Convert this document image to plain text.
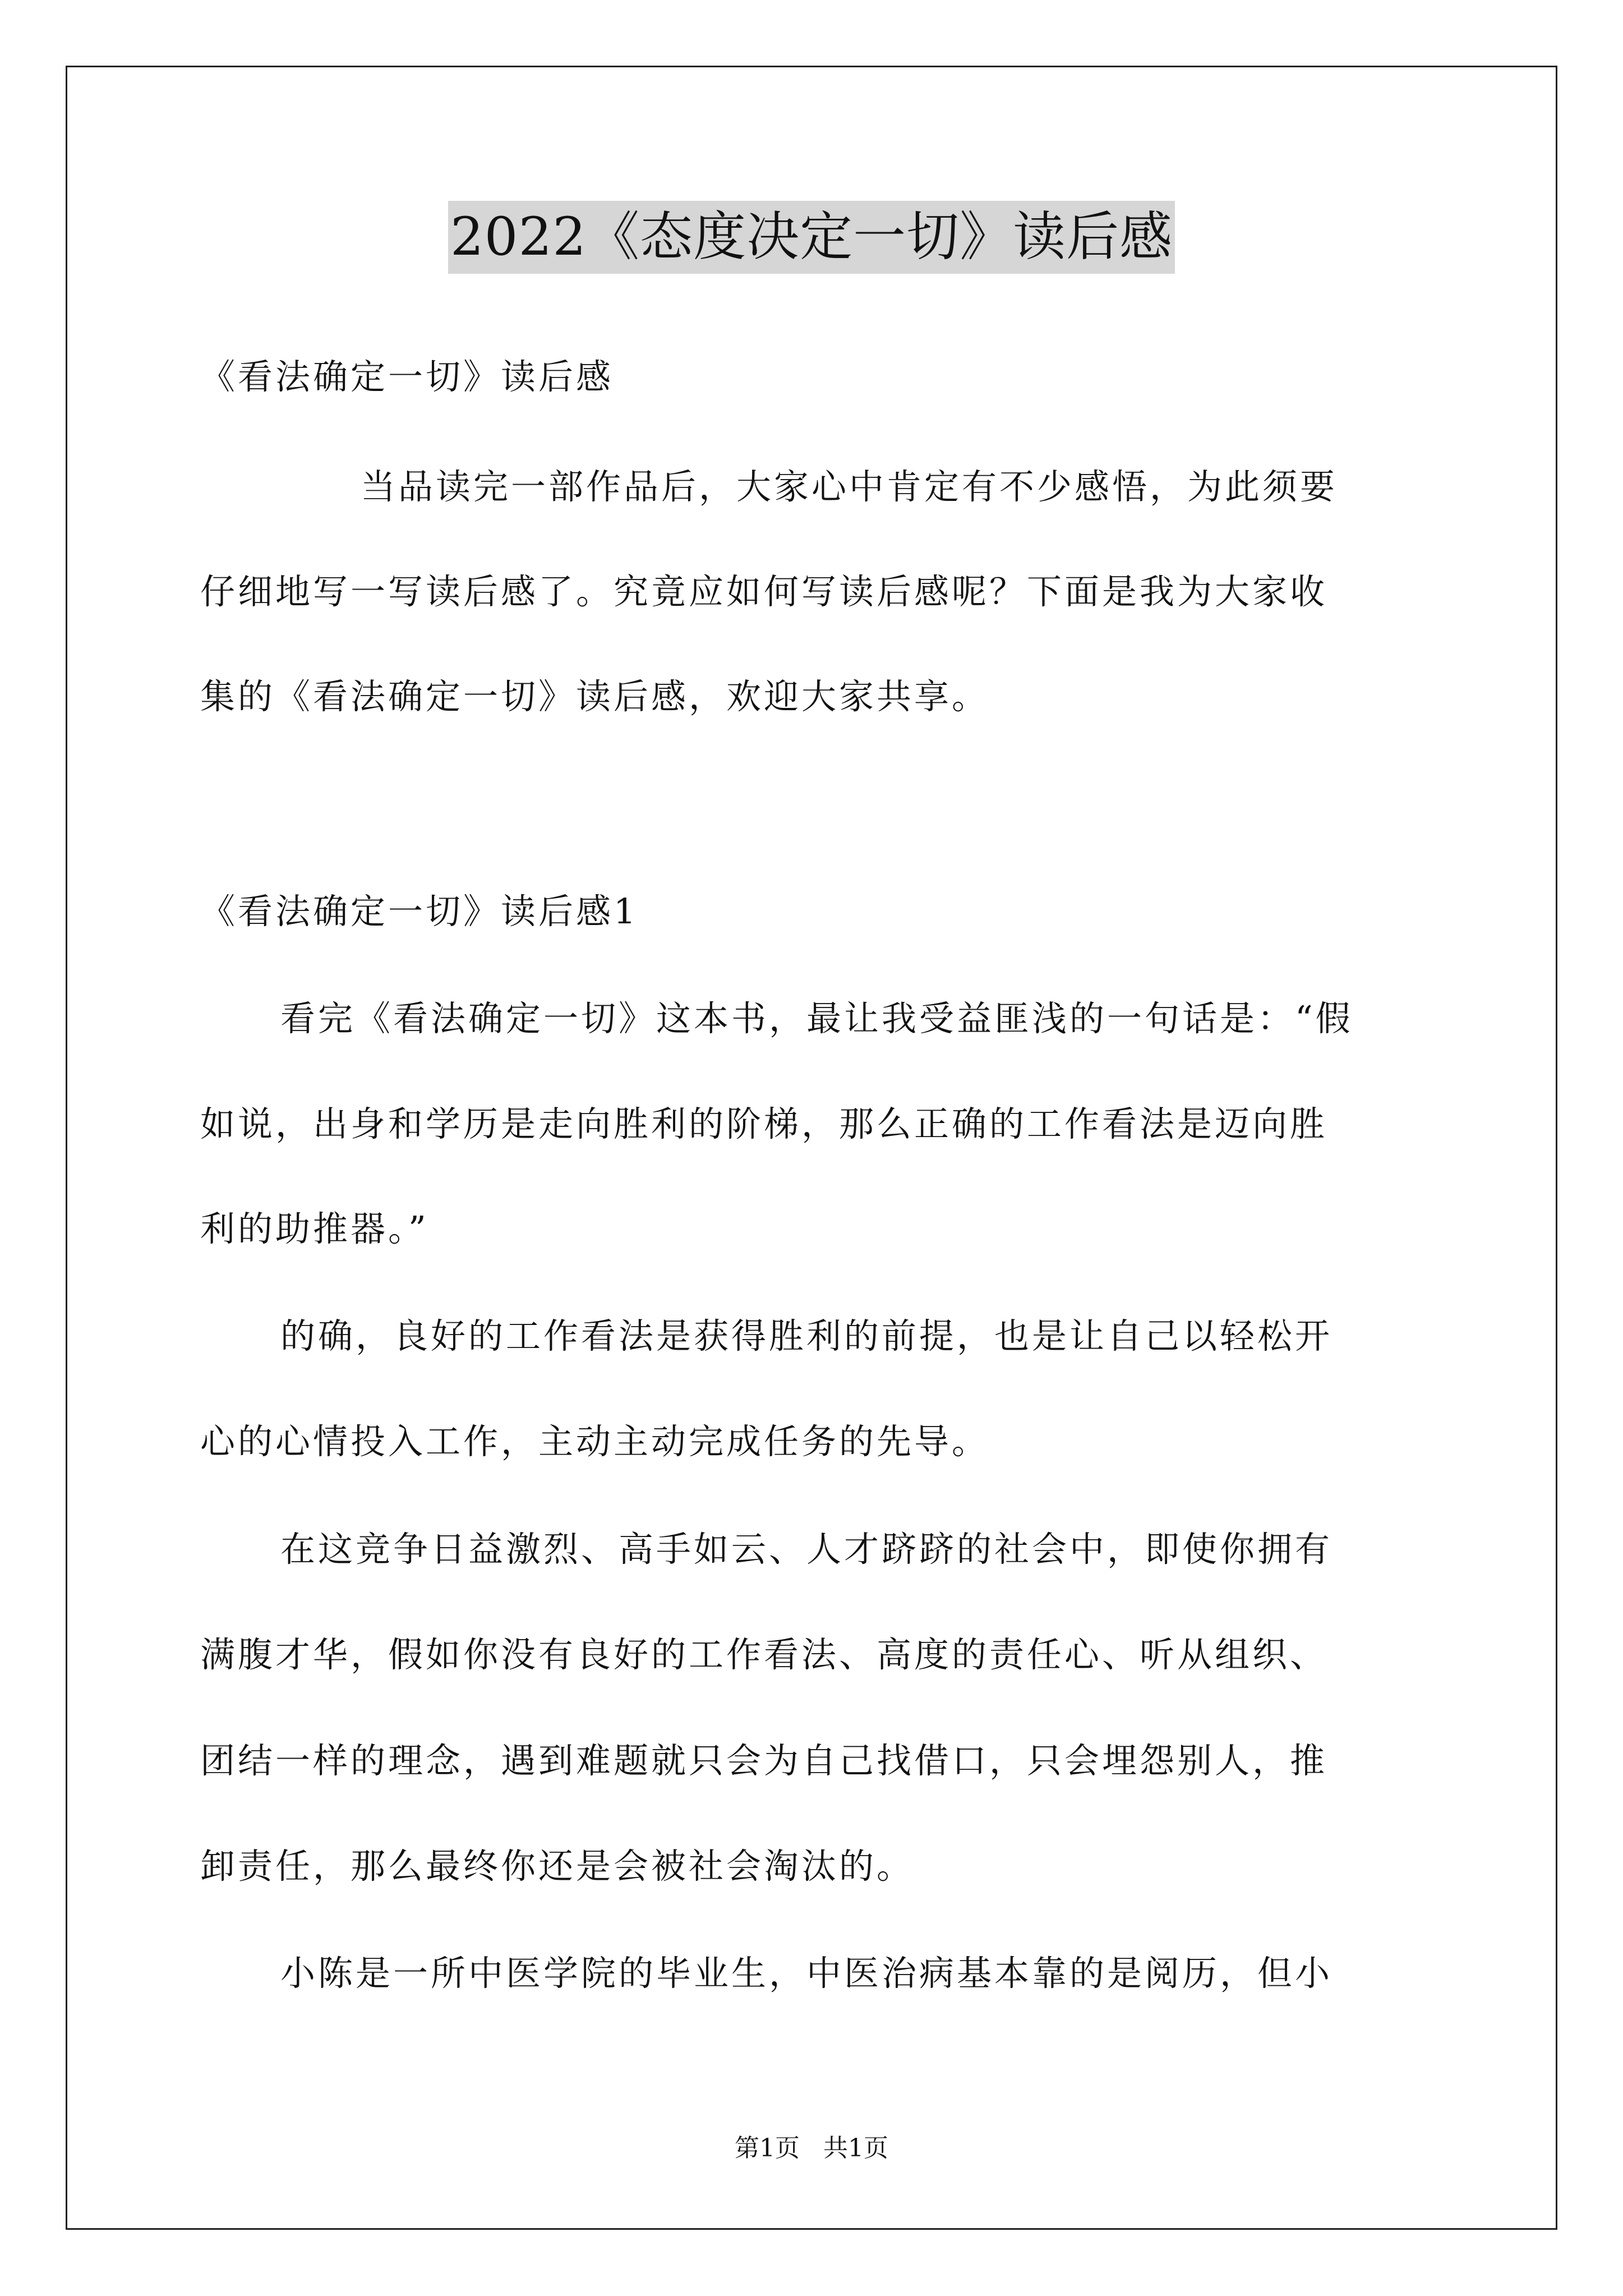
2022《态度决定一切》读后感
《看法确定一切》读后感
当品读完一部作品后，大家心中肯定有不少感悟，为此须要
仔细地写一写读后感了。究竟应如何写读后感呢？下面是我为大家收
集的《看法确定一切》读后感，欢迎大家共享。
《看法确定一切》读后感1
看完《看法确定一切》这本书，最让我受益匪浅的一句话是：“假
如说，出身和学历是走向胜利的阶梯，那么正确的工作看法是迈向胜
利的助推器。”
的确，良好的工作看法是获得胜利的前提，也是让自己以轻松开
心的心情投入工作，主动主动完成任务的先导。
在这竞争日益激烈、高手如云、人才跻跻的社会中，即使你拥有
满腹才华，假如你没有良好的工作看法、高度的责任心、听从组织、
团结一样的理念，遇到难题就只会为自己找借口，只会埋怨别人，推
卸责任，那么最终你还是会被社会淘汰的。
小陈是一所中医学院的毕业生，中医治病基本靠的是阅历，但小
第1页 共1页
